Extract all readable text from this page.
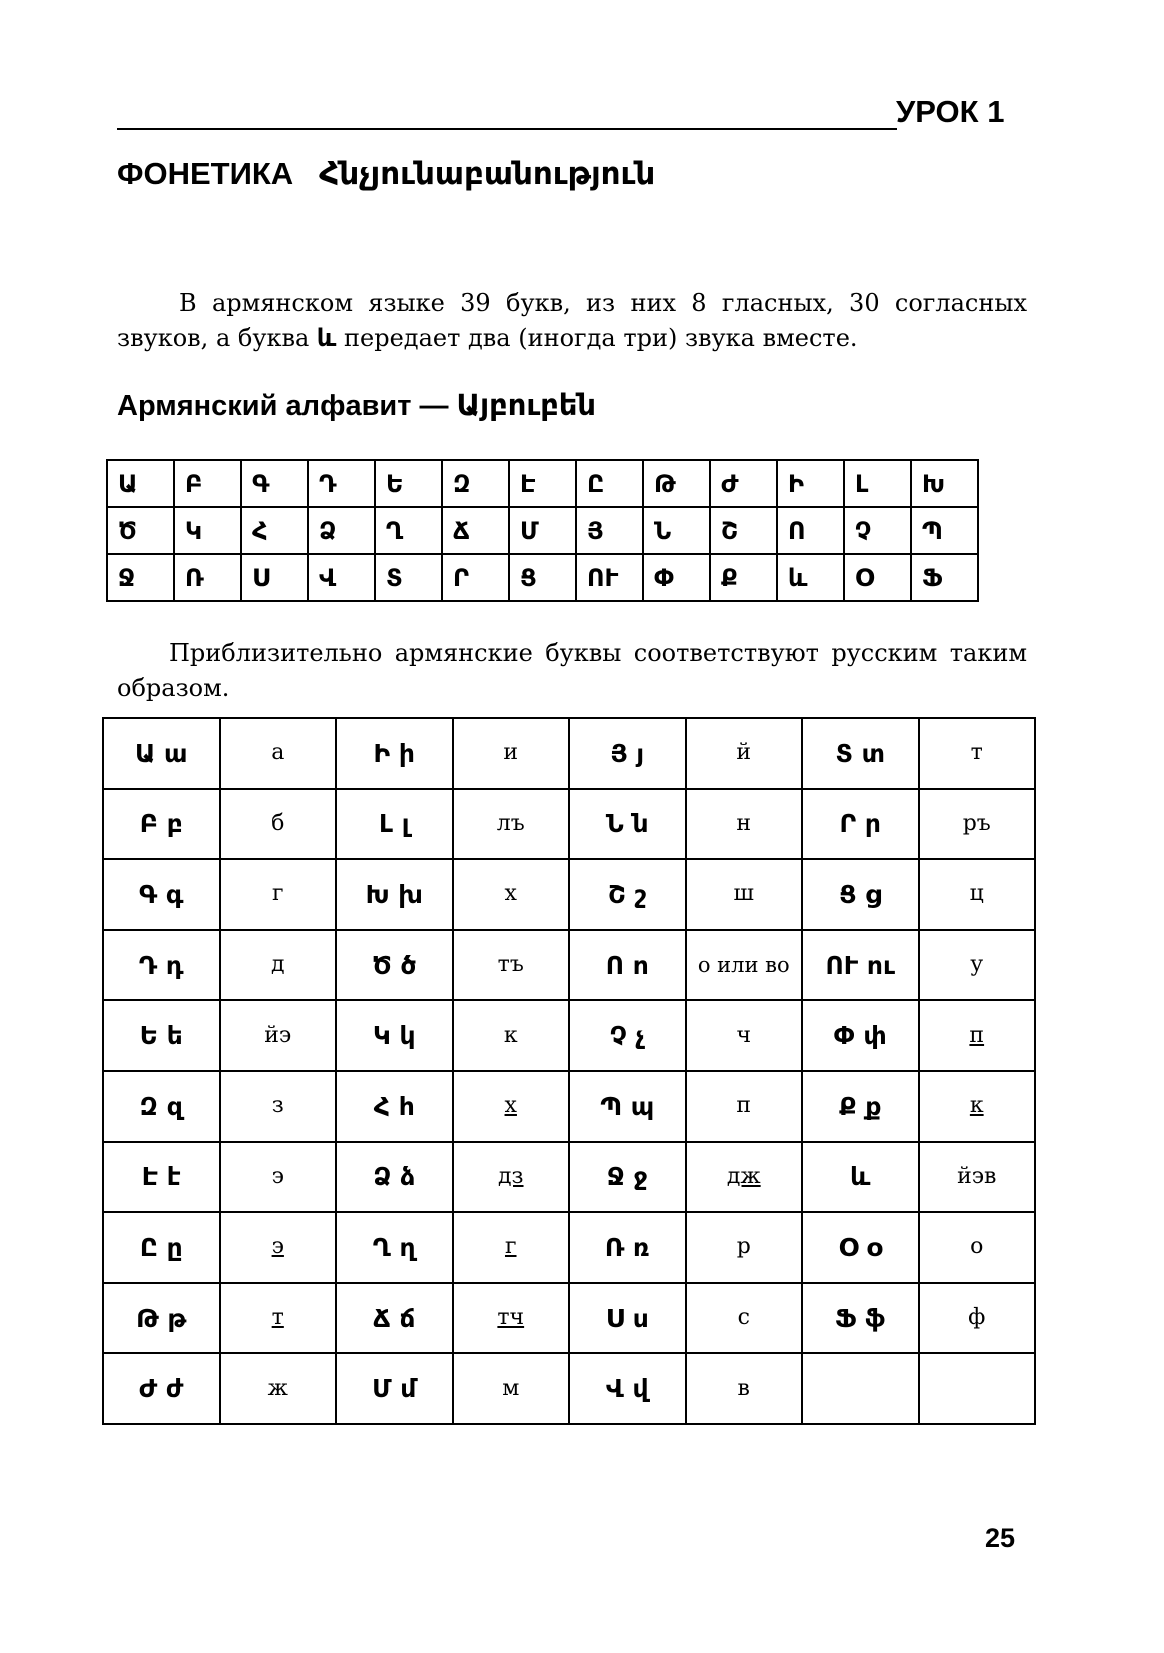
УРОК 1
ФОНЕТИКА Հնչյունաբանություն

В армянском языке 39 букв, из них 8 гласных, 30 согласных звуков, а буква և передает два (иногда три) звука вместе.

Армянский алфавит — Այբուբեն
Ա	Բ	Գ	Դ	Ե	Զ	Է	Ը	Թ	Ժ	Ի	Լ	Խ
Ծ	Կ	Հ	Ձ	Ղ	Ճ	Մ	Յ	Ն	Շ	Ո	Չ	Պ
Ջ	Ռ	Ս	Վ	Տ	Ր	Ց	ՈՒ	Փ	Ք	և	Օ	Ֆ

Приблизительно армянские буквы соответствуют русским таким образом.

Ա ա	а	Ի ի	и	Յ յ	й	Տ տ	т
Բ բ	б	Լ լ	лъ	Ն ն	н	Ր ր	ръ
Գ գ	г	Խ խ	х	Շ շ	ш	Ց ց	ц
Դ դ	д	Ծ ծ	тъ	Ո ո	о или во	ՈՒ ու	у
Ե ե	йэ	Կ կ	к	Չ չ	ч	Փ փ	п
Զ զ	з	Հ հ	х	Պ պ	п	Ք ք	к
Է է	э	Ձ ձ	дз	Ջ ջ	дж	և	йэв
Ը ը	э	Ղ ղ	г	Ռ ռ	р	Օ օ	о
Թ թ	т	Ճ ճ	тч	Ս ս	с	Ֆ ֆ	ф
Ժ ժ	ж	Մ մ	м	Վ վ	в		
25
